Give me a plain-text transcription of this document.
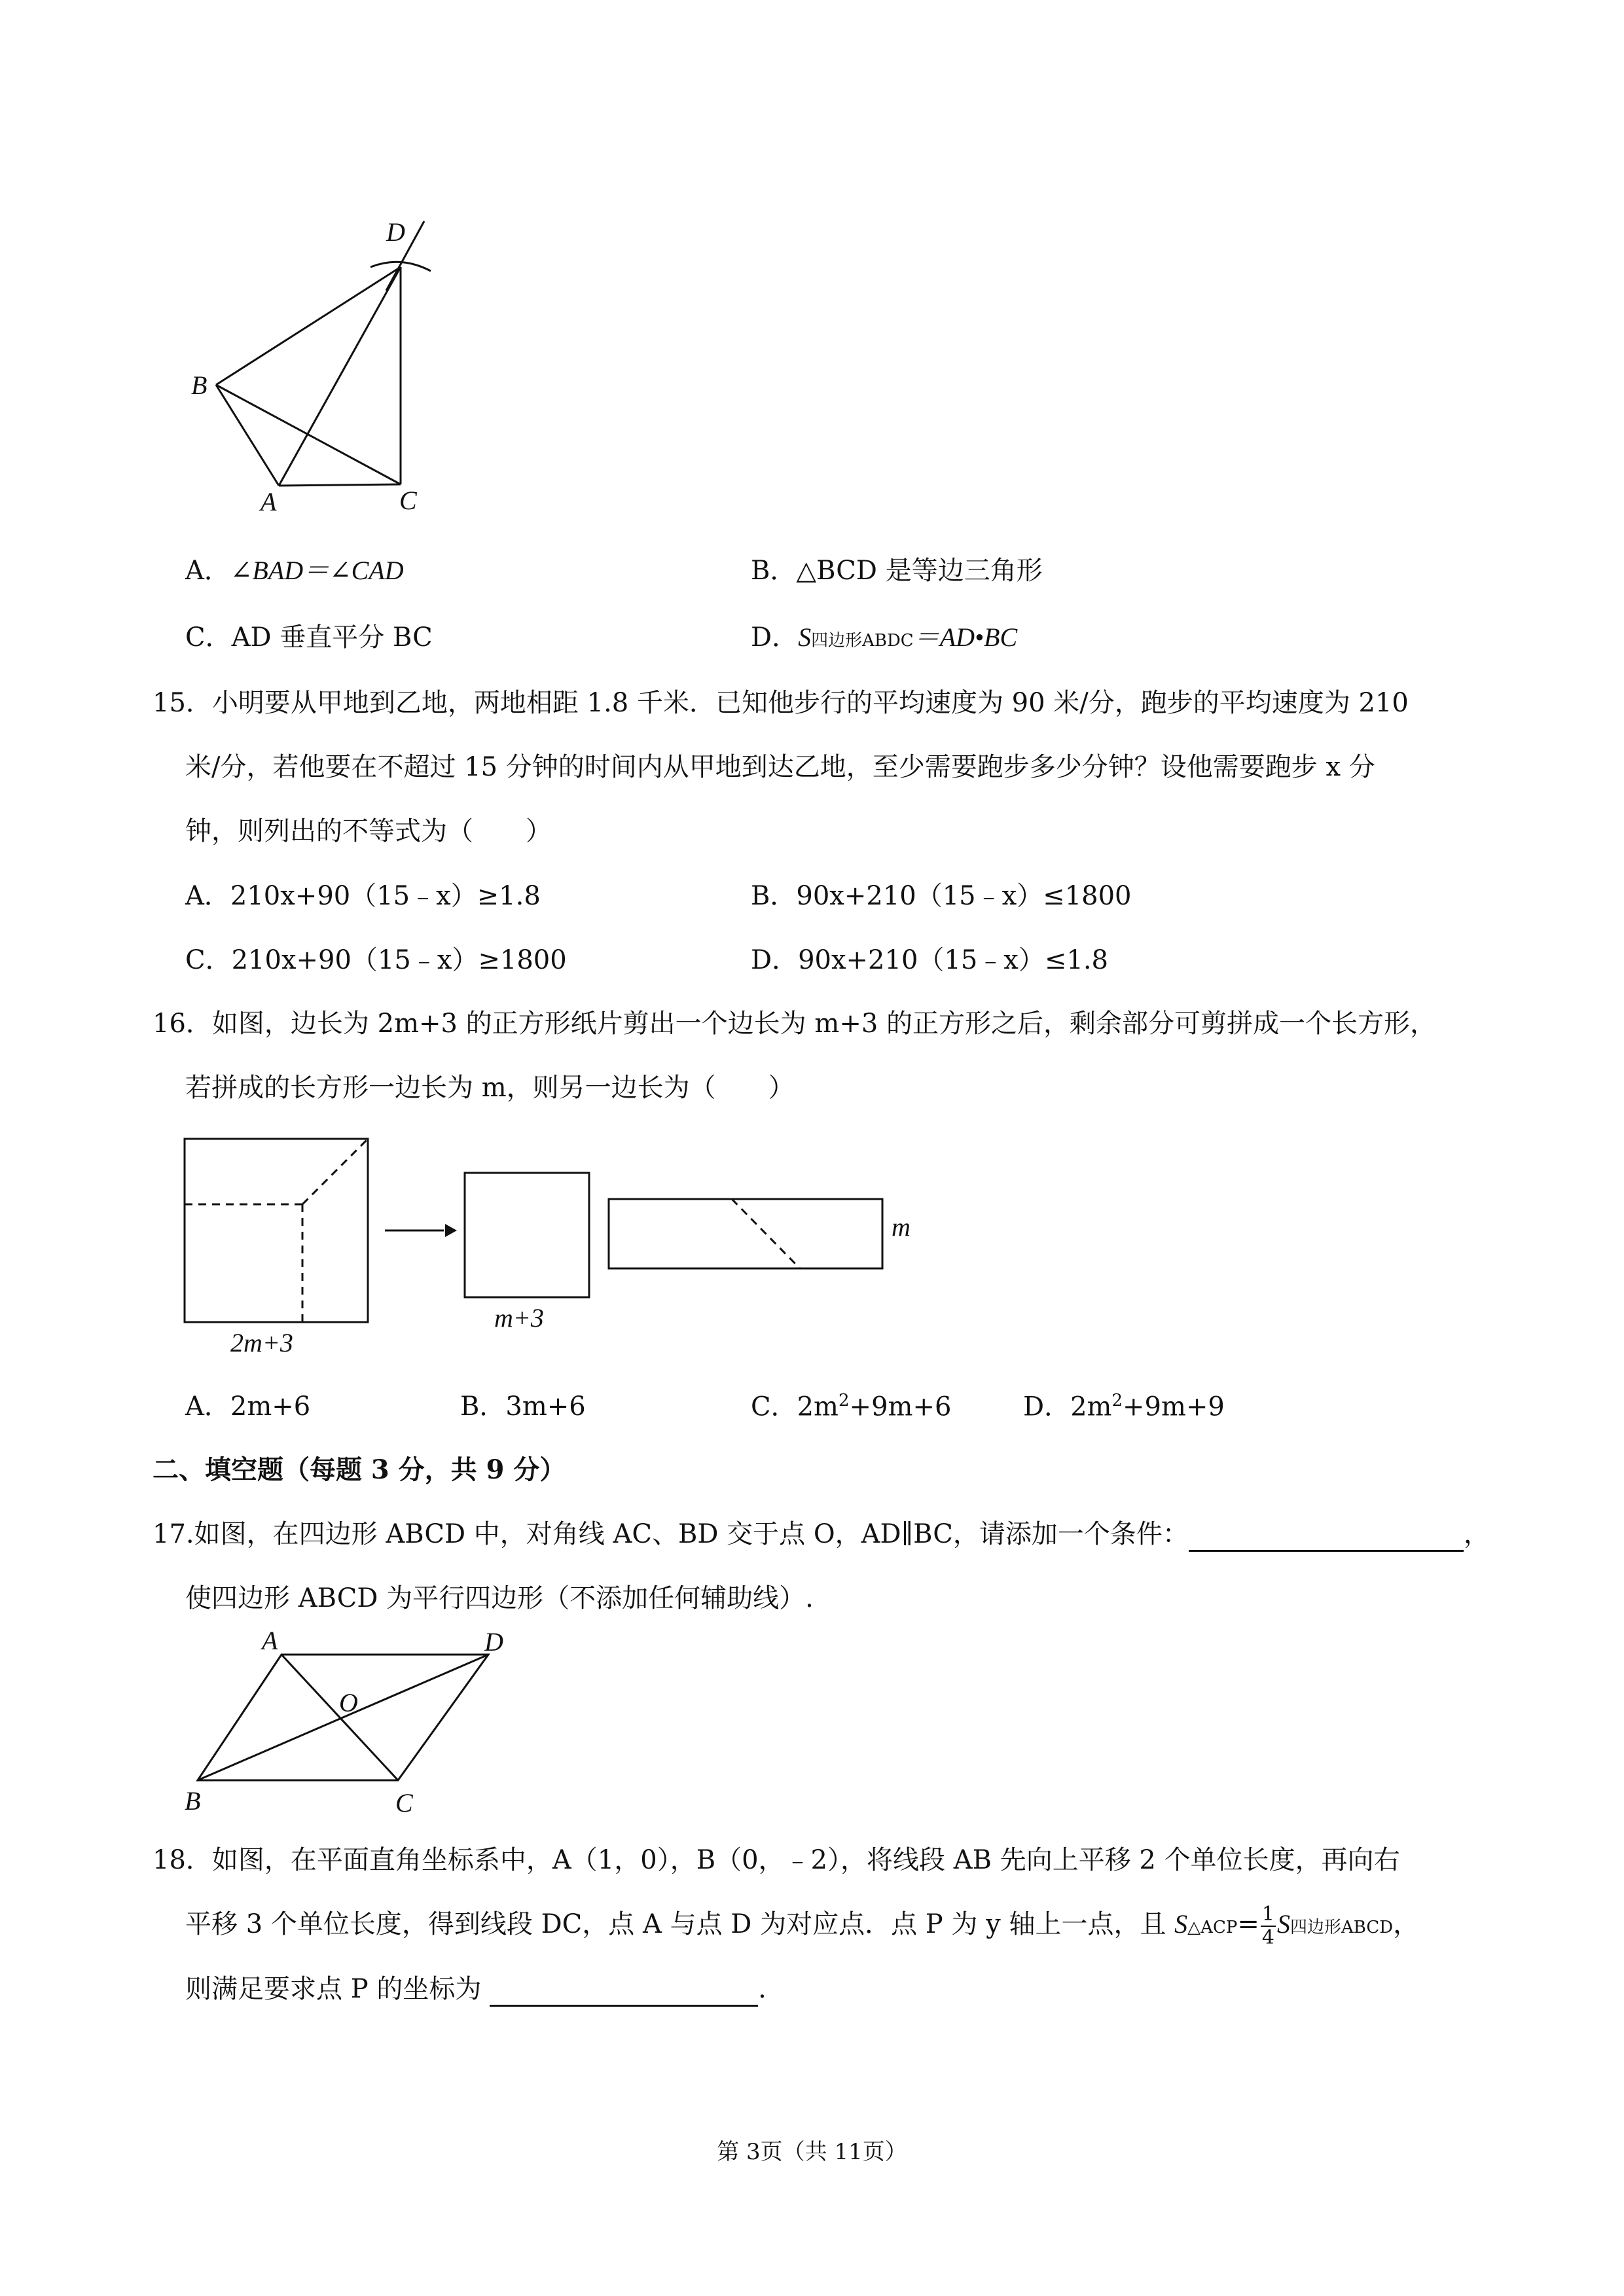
D
B
A	C
A．∠BAD＝∠CAD	B．△BCD 是等边三角形
C．AD 垂直平分 BC	D．S四边形ABDC＝AD•BC
15．小明要从甲地到乙地，两地相距 1.8 千米．已知他步行的平均速度为 90 米/分，跑步的平均速度为 210
米/分，若他要在不超过 15 分钟的时间内从甲地到达乙地，至少需要跑步多少分钟？设他需要跑步 x 分
钟，则列出的不等式为（　　）
A．210x+90（15﹣x）≥1.8	B．90x+210（15﹣x）≤1800
C．210x+90（15﹣x）≥1800	D．90x+210（15﹣x）≤1.8
16．如图，边长为 2m+3 的正方形纸片剪出一个边长为 m+3 的正方形之后，剩余部分可剪拼成一个长方形，
若拼成的长方形一边长为 m，则另一边长为（　　）
2m+3
m+3
m
A．2m+6	B．3m+6	C．$2m^2+9m+6$	D．$2m^2+9m+9$
二、填空题（每题 3 分，共 9 分）
17.如图，在四边形 ABCD 中，对角线 AC、BD 交于点 O，AD∥BC，请添加一个条件：	，
使四边形 ABCD 为平行四边形（不添加任何辅助线）.
A	D
O
B	C
18．如图，在平面直角坐标系中，A（1，0），B（0，﹣2），将线段 AB 先向上平移 2 个单位长度，再向右
平移 3 个单位长度，得到线段 DC，点 A 与点 D 为对应点．点 P 为 y 轴上一点，且 S△ACP= $\frac{1}{4}$ S四边形ABCD，
则满足要求点 P 的坐标为	.
第 3页（共 11页）
